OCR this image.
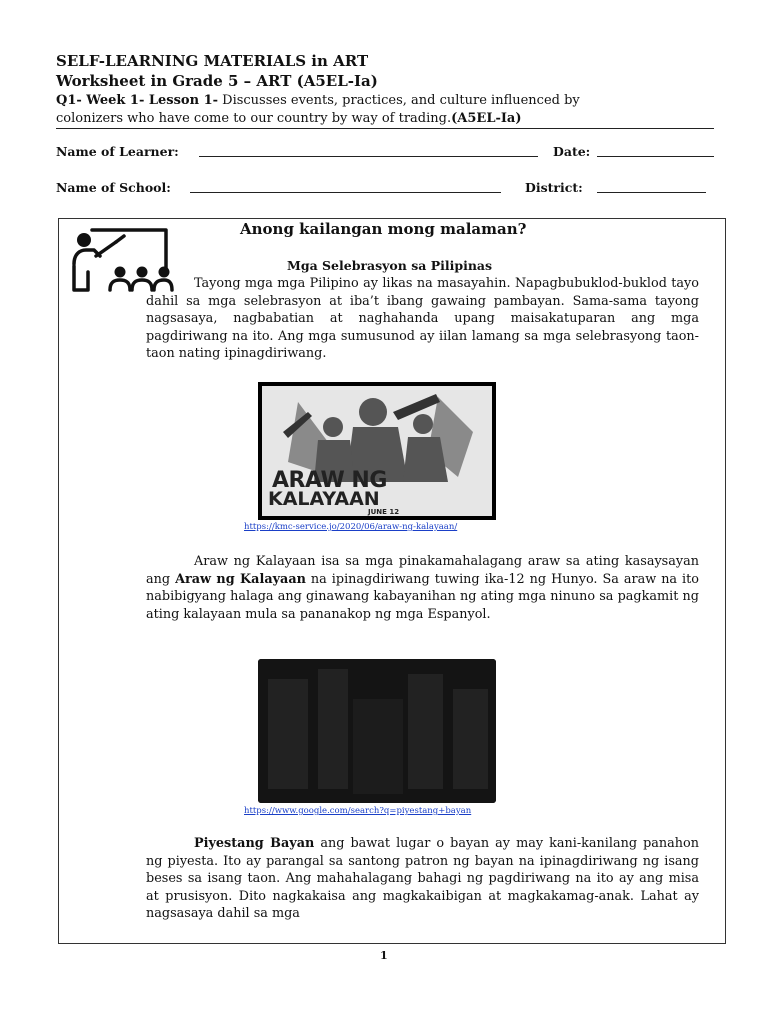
SELF-LEARNING MATERIALS in ART
Worksheet in Grade 5 – ART (A5EL-Ia)
Q1- Week 1- Lesson 1- Discusses events, practices, and culture influenced by
colonizers who have come to our country by way of trading.(A5EL-Ia)
Name of Learner:	Date:
Name of School:	District:
Anong kailangan mong malaman?
Mga Selebrasyon sa Pilipinas
Tayong mga mga Pilipino ay likas na masayahin. Napagbubuklod-buklod tayo dahil sa mga selebrasyon at iba’t ibang gawaing pambayan. Sama-sama tayong nagsasaya, nagbabatian at naghahanda upang maisakatuparan ang mga pagdiriwang na ito. Ang mga sumusunod ay iilan lamang sa mga selebrasyong taon-taon nating ipinagdiriwang.
ARAW NG
KALAYAAN
JUNE 12
https://kmc-service.jo/2020/06/araw-ng-kalayaan/
Araw ng Kalayaan isa sa mga pinakamahalagang araw sa ating kasaysayan ang Araw ng Kalayaan na ipinagdiriwang tuwing ika-12 ng Hunyo. Sa araw na ito nabibigyang halaga ang ginawang kabayanihan ng ating mga ninuno sa pagkamit ng ating kalayaan mula sa pananakop ng mga Espanyol.
https://www.google.com/search?q=piyestang+bayan
Piyestang Bayan ang bawat lugar o bayan ay may kani-kanilang panahon ng piyesta. Ito ay parangal sa santong patron ng bayan na ipinagdiriwang ng isang beses sa isang taon. Ang mahahalagang bahagi ng pagdiriwang na ito ay ang misa at prusisyon. Dito nagkakaisa ang magkakaibigan at magkakamag-anak. Lahat ay nagsasaya dahil sa mga
1
